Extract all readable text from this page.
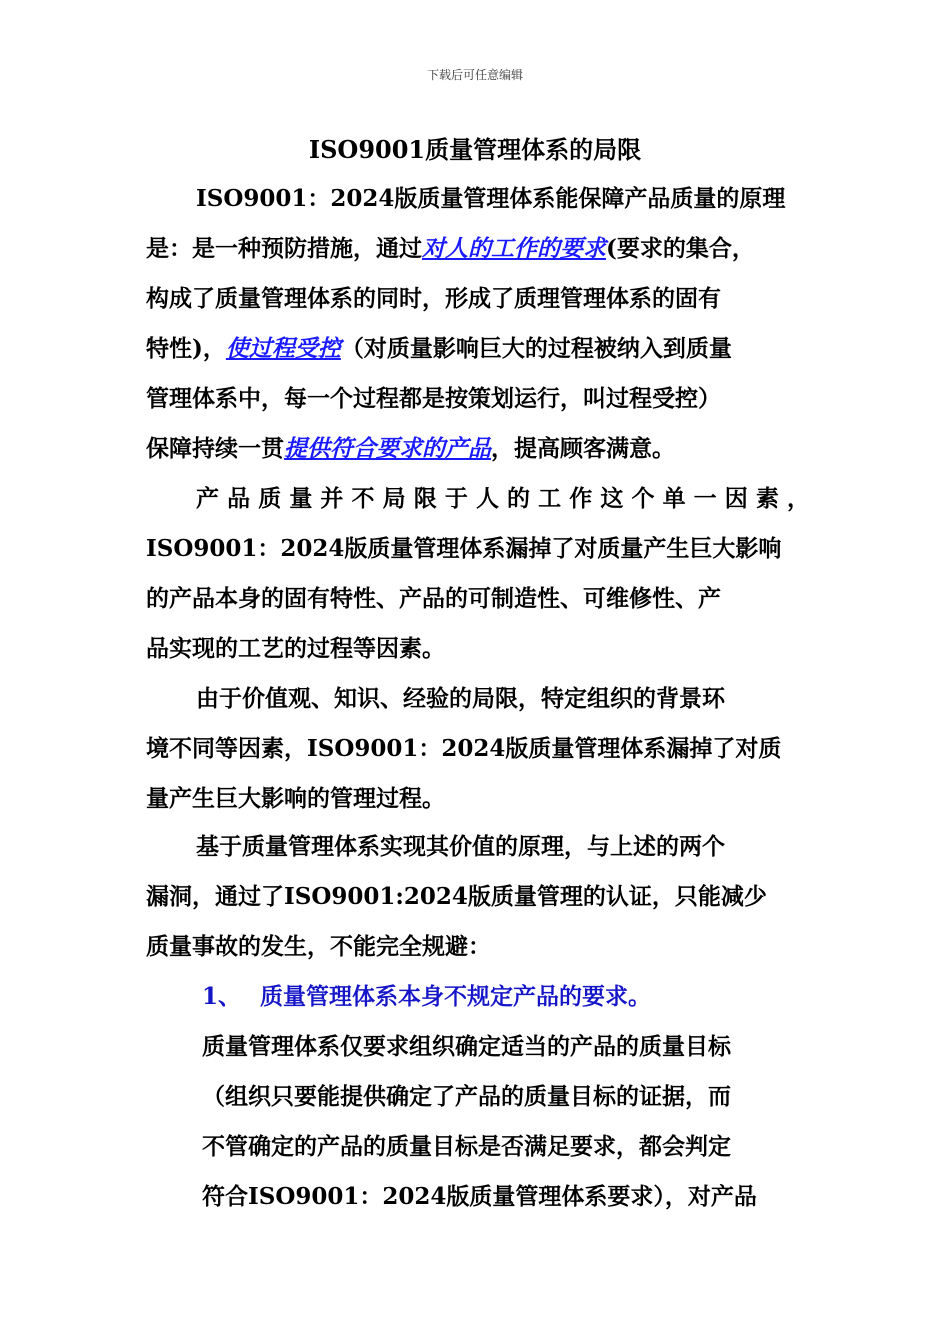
下载后可任意编辑
ISO9001质量管理体系的局限
ISO9001：2024版质量管理体系能保障产品质量的原理
是：是一种预防措施，通过对人的工作的要求(要求的集合，
构成了质量管理体系的同时，形成了质理管理体系的固有
特性)，使过程受控（对质量影响巨大的过程被纳入到质量
管理体系中，每一个过程都是按策划运行，叫过程受控）
保障持续一贯提供符合要求的产品，提高顾客满意。
产品质量并不局限于人的工作这个单一因素，
ISO9001：2024版质量管理体系漏掉了对质量产生巨大影响
的产品本身的固有特性、产品的可制造性、可维修性、产
品实现的工艺的过程等因素。
由于价值观、知识、经验的局限，特定组织的背景环
境不同等因素，ISO9001：2024版质量管理体系漏掉了对质
量产生巨大影响的管理过程。
基于质量管理体系实现其价值的原理，与上述的两个
漏洞，通过了ISO9001:2024版质量管理的认证，只能减少
质量事故的发生，不能完全规避：
1、 质量管理体系本身不规定产品的要求。
质量管理体系仅要求组织确定适当的产品的质量目标
（组织只要能提供确定了产品的质量目标的证据，而
不管确定的产品的质量目标是否满足要求，都会判定
符合ISO9001：2024版质量管理体系要求），对产品
